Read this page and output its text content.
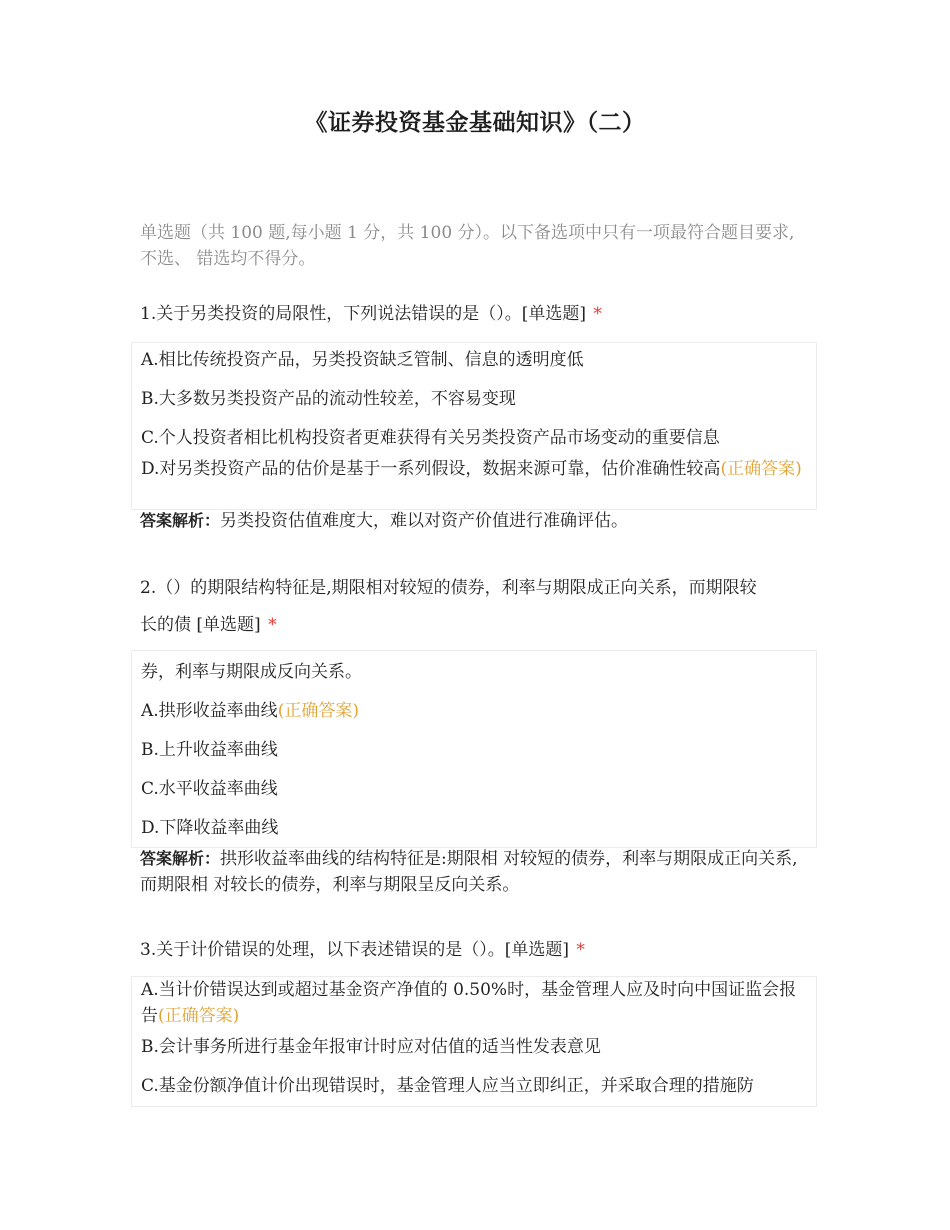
《证券投资基金基础知识》（二）
单选题（共 100 题,每小题 1 分，共 100 分）。以下备选项中只有一项最符合题目要求,不选、 错选均不得分。
1.关于另类投资的局限性，下列说法错误的是（）。[单选题] *
A.相比传统投资产品，另类投资缺乏管制、信息的透明度低
B.大多数另类投资产品的流动性较差，不容易变现
C.个人投资者相比机构投资者更难获得有关另类投资产品市场变动的重要信息
D.对另类投资产品的估价是基于一系列假设，数据来源可靠，估价准确性较高(正确答案)
答案解析：另类投资估值难度大，难以对资产价值进行准确评估。
2.（）的期限结构特征是,期限相对较短的债券，利率与期限成正向关系，而期限较
长的债 [单选题] *
券，利率与期限成反向关系。
A.拱形收益率曲线(正确答案)
B.上升收益率曲线
C.水平收益率曲线
D.下降收益率曲线
答案解析：拱形收益率曲线的结构特征是:期限相 对较短的债券，利率与期限成正向关系,而期限相 对较长的债券，利率与期限呈反向关系。
3.关于计价错误的处理，以下表述错误的是（）。[单选题] *
A.当计价错误达到或超过基金资产净值的 0.50%时，基金管理人应及时向中国证监会报告(正确答案)
B.会计事务所进行基金年报审计时应对估值的适当性发表意见
C.基金份额净值计价出现错误时，基金管理人应当立即纠正，并采取合理的措施防
